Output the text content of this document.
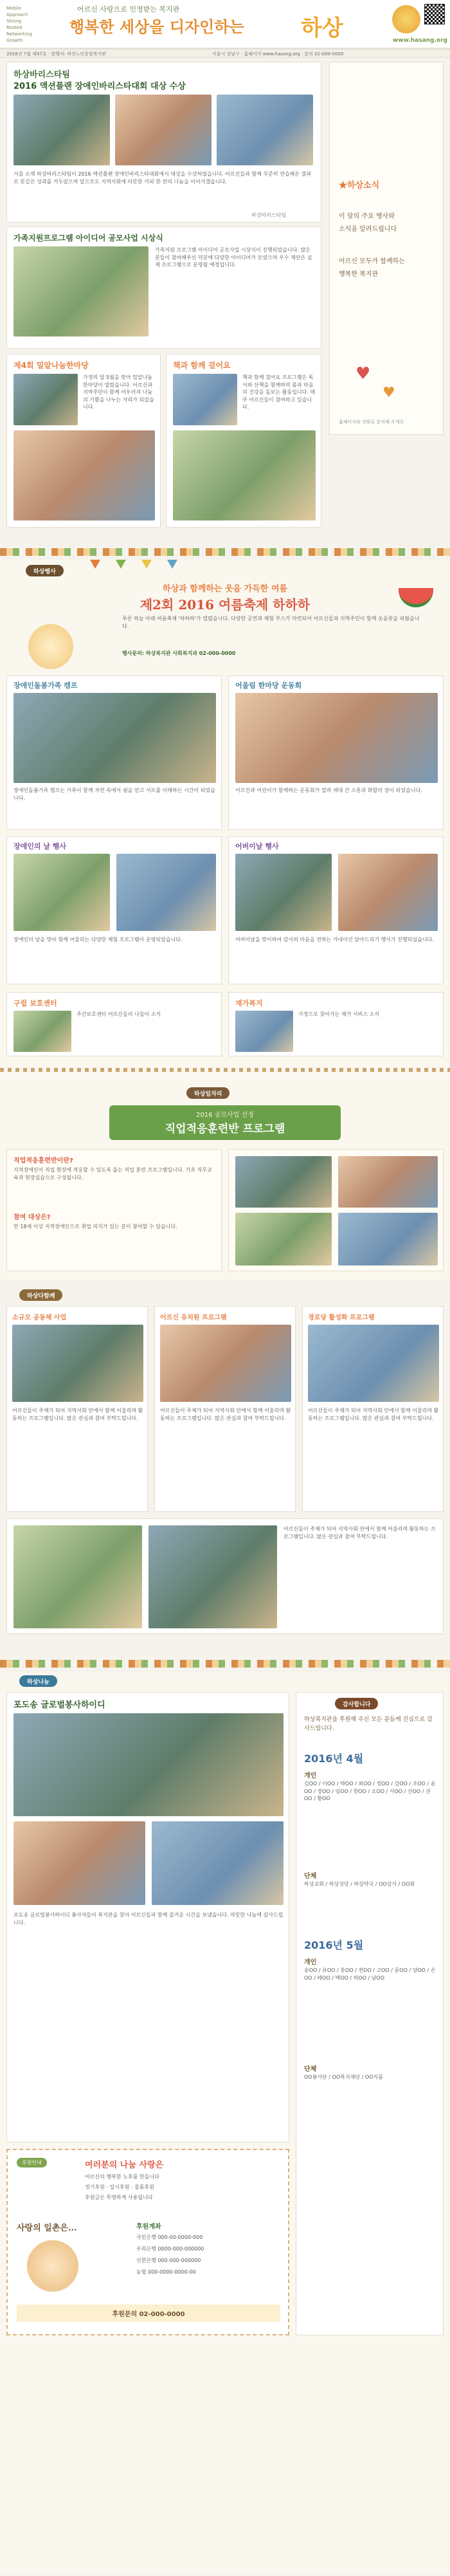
Mobile
Approach
Strong
Rooted
Networking
Growth
어르신 사랑으로 인정받는 복지관
행복한 세상을 디자인하는	하상	www.hasang.org
2016년 7월 제47호 · 발행처: 하상노인종합복지관	서울시 강남구 · 홈페이지 www.hasang.org · 문의 02-000-0000
하상바리스타팀
2016 액션플랜 장애인바리스타대회 대상 수상
서울 소재 하상바리스타팀이 2016 액션플랜 장애인바리스타대회에서 대상을 수상하였습니다. 어르신들과 함께 꾸준히 연습해온 결과로 뜻깊은 성과를 거두었으며 앞으로도 지역사회에 따뜻한 커피 한 잔의 나눔을 이어가겠습니다.
하상바리스타팀
★하상소식
이 달의 주요 행사와
소식을 알려드립니다
어르신 모두가 함께하는
행복한 복지관
♥
♥
홈페이지와 전화로 문의해 주세요
가족지원프로그램 아이디어 공모사업 시상식
가족지원 프로그램 아이디어 공모사업 시상식이 진행되었습니다. 많은 분들이 참여해주신 덕분에 다양한 아이디어가 모였으며 우수 제안은 실제 프로그램으로 운영될 예정입니다.
제4회 밀알나눔한마당
가정의 달 5월을 맞아 밀알나눔한마당이 열렸습니다. 어르신과 지역주민이 함께 어우러져 나눔의 기쁨을 나누는 자리가 되었습니다.
책과 함께 걸어요
책과 함께 걸어요 프로그램은 독서와 산책을 함께하며 몸과 마음의 건강을 돌보는 활동입니다. 매주 어르신들이 참여하고 있습니다.
하상행사
하상과 함께하는 웃음 가득한 여름
제2회 2016 여름축제 하하하
푸른 하늘 아래 여름축제 '하하하'가 열렸습니다. 다양한 공연과 체험 부스가 마련되어 어르신들과 지역주민이 함께 웃음꽃을 피웠습니다.
행사문의: 하상복지관 사회복지과 02-000-0000
장애인돌봄가족 캠프
장애인돌봄가족 캠프는 가족이 함께 자연 속에서 쉼을 얻고 서로를 이해하는 시간이 되었습니다.
어울림 한마당 운동회
어르신과 어린이가 함께하는 운동회가 열려 세대 간 소통과 화합의 장이 되었습니다.
장애인의 날 행사
장애인의 날을 맞아 함께 어울리는 다양한 체험 프로그램이 운영되었습니다.
어버이날 행사
어버이날을 맞이하여 감사의 마음을 전하는 카네이션 달아드리기 행사가 진행되었습니다.
구립 보호센터
주간보호센터 어르신들의 나들이 소식
재가복지
가정으로 찾아가는 재가 서비스 소식
하상일자리
2016 공모사업 선정
직업적응훈련반 프로그램
직업적응훈련반이란?
지적장애인이 직업 현장에 적응할 수 있도록 돕는 직업 훈련 프로그램입니다. 기초 직무교육과 현장실습으로 구성됩니다.
참여 대상은?
만 18세 이상 지적장애인으로 취업 의지가 있는 분이 참여할 수 있습니다.
하상다함께
소규모 공동체 사업
어르신들이 주체가 되어 지역사회 안에서 함께 어울리며 활동하는 프로그램입니다. 많은 관심과 참여 부탁드립니다.
어르신 유치원 프로그램
어르신들이 주체가 되어 지역사회 안에서 함께 어울리며 활동하는 프로그램입니다. 많은 관심과 참여 부탁드립니다.
경로당 활성화 프로그램
어르신들이 주체가 되어 지역사회 안에서 함께 어울리며 활동하는 프로그램입니다. 많은 관심과 참여 부탁드립니다.
어르신들이 주체가 되어 지역사회 안에서 함께 어울리며 활동하는 프로그램입니다. 많은 관심과 참여 부탁드립니다.
하상나눔
포도송 글로벌봉사하이디
포도송 글로벌봉사하이디 봉사자들이 복지관을 찾아 어르신들과 함께 즐거운 시간을 보냈습니다. 따뜻한 나눔에 감사드립니다.
감사합니다
하상복지관을 후원해 주신 모든 분들께 진심으로 감사드립니다.
2016년 4월
개인
김OO / 이OO / 박OO / 최OO / 정OO / 강OO / 조OO / 윤OO / 장OO / 임OO / 한OO / 오OO / 서OO / 신OO / 권OO / 황OO
단체
하상교회 / 하상성당 / 하상약국 / OO상사 / OO회
2016년 5월
개인
송OO / 유OO / 홍OO / 전OO / 고OO / 문OO / 양OO / 손OO / 배OO / 백OO / 허OO / 남OO
단체
OO봉사단 / OO복지재단 / OO식품
후원안내	여러분의 나눔 사랑은
어르신의 행복한 노후를 만듭니다
정기후원 · 일시후원 · 물품후원
후원금은 투명하게 사용됩니다
사랑의 일촌은...	후원계좌
국민은행 000-00-0000-000
우리은행 0000-000-000000
신한은행 000-000-000000
농협 000-0000-0000-00
후원문의 02-000-0000
